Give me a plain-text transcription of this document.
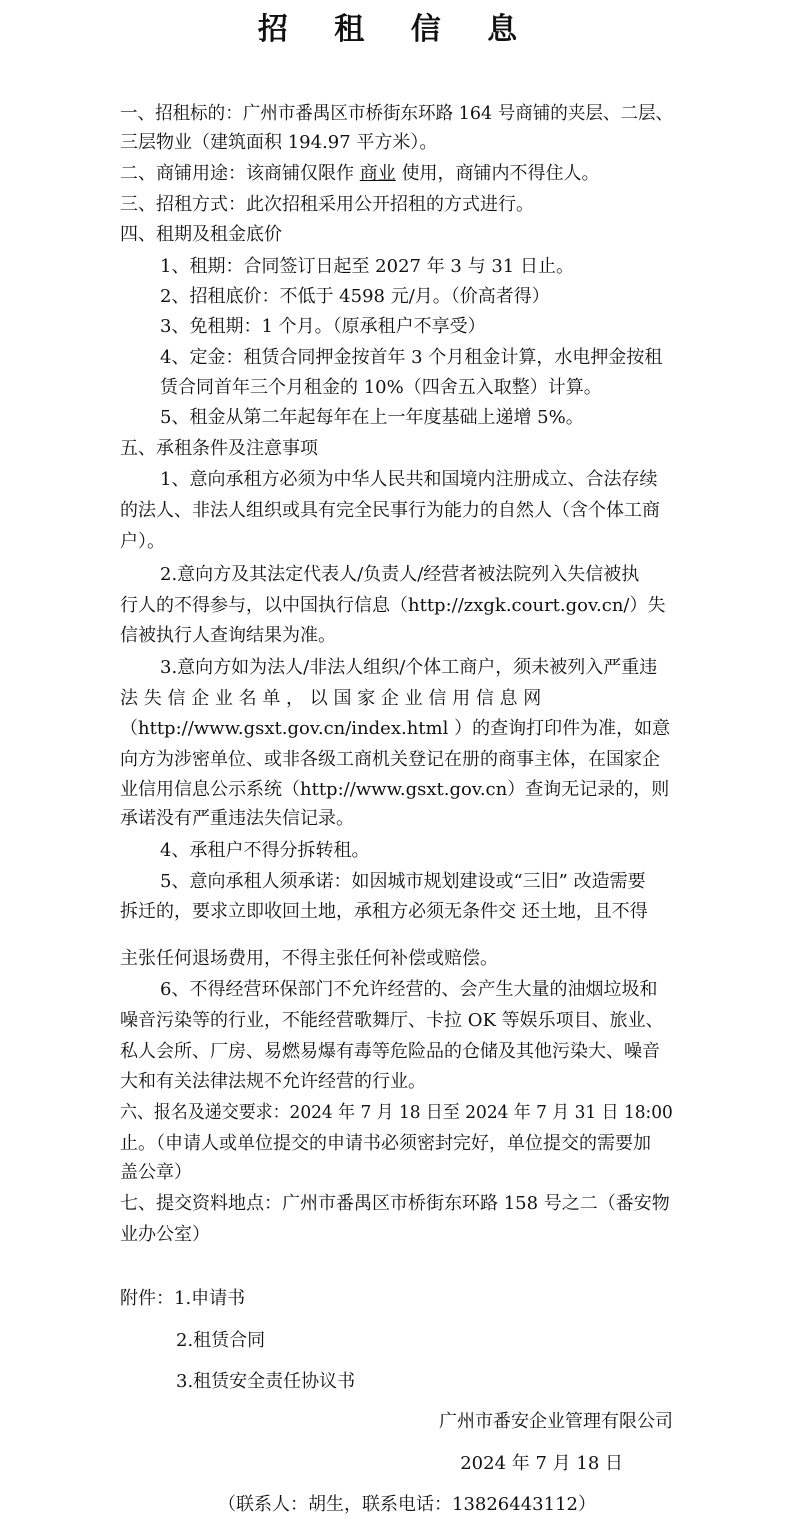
招 租 信 息
一、招租标的：广州市番禺区市桥街东环路 164 号商铺的夹层、二层、
三层物业（建筑面积 194.97 平方米）。
二、商铺用途：该商铺仅限作 商业 使用，商铺内不得住人。
三、招租方式：此次招租采用公开招租的方式进行。
四、租期及租金底价
1、租期：合同签订日起至 2027 年 3 与 31 日止。
2、招租底价：不低于 4598 元/月。（价高者得）
3、免租期：1 个月。（原承租户不享受）
4、定金：租赁合同押金按首年 3 个月租金计算，水电押金按租
赁合同首年三个月租金的 10%（四舍五入取整）计算。
5、租金从第二年起每年在上一年度基础上递增 5%。
五、承租条件及注意事项
1、意向承租方必须为中华人民共和国境内注册成立、合法存续
的法人、非法人组织或具有完全民事行为能力的自然人（含个体工商
户）。
2.意向方及其法定代表人/负责人/经营者被法院列入失信被执
行人的不得参与，以中国执行信息（http://zxgk.court.gov.cn/）失
信被执行人查询结果为准。
3.意向方如为法人/非法人组织/个体工商户，须未被列入严重违
法 失 信 企 业 名 单 ， 以 国 家 企 业 信 用 信 息 网
（http://www.gsxt.gov.cn/index.html ）的查询打印件为准，如意
向方为涉密单位、或非各级工商机关登记在册的商事主体，在国家企
业信用信息公示系统（http://www.gsxt.gov.cn）查询无记录的，则
承诺没有严重违法失信记录。
4、承租户不得分拆转租。
5、意向承租人须承诺：如因城市规划建设或“三旧” 改造需要
拆迁的，要求立即收回土地，承租方必须无条件交 还土地，且不得
主张任何退场费用，不得主张任何补偿或赔偿。
6、不得经营环保部门不允许经营的、会产生大量的油烟垃圾和
噪音污染等的行业，不能经营歌舞厅、卡拉 OK 等娱乐项目、旅业、
私人会所、厂房、易燃易爆有毒等危险品的仓储及其他污染大、噪音
大和有关法律法规不允许经营的行业。
六、报名及递交要求：2024 年 7 月 18 日至 2024 年 7 月 31 日 18:00
止。（申请人或单位提交的申请书必须密封完好，单位提交的需要加
盖公章）
七、提交资料地点：广州市番禺区市桥街东环路 158 号之二（番安物
业办公室）
附件：1.申请书
2.租赁合同
3.租赁安全责任协议书
广州市番安企业管理有限公司
2024 年 7 月 18 日
（联系人：胡生，联系电话：13826443112）
